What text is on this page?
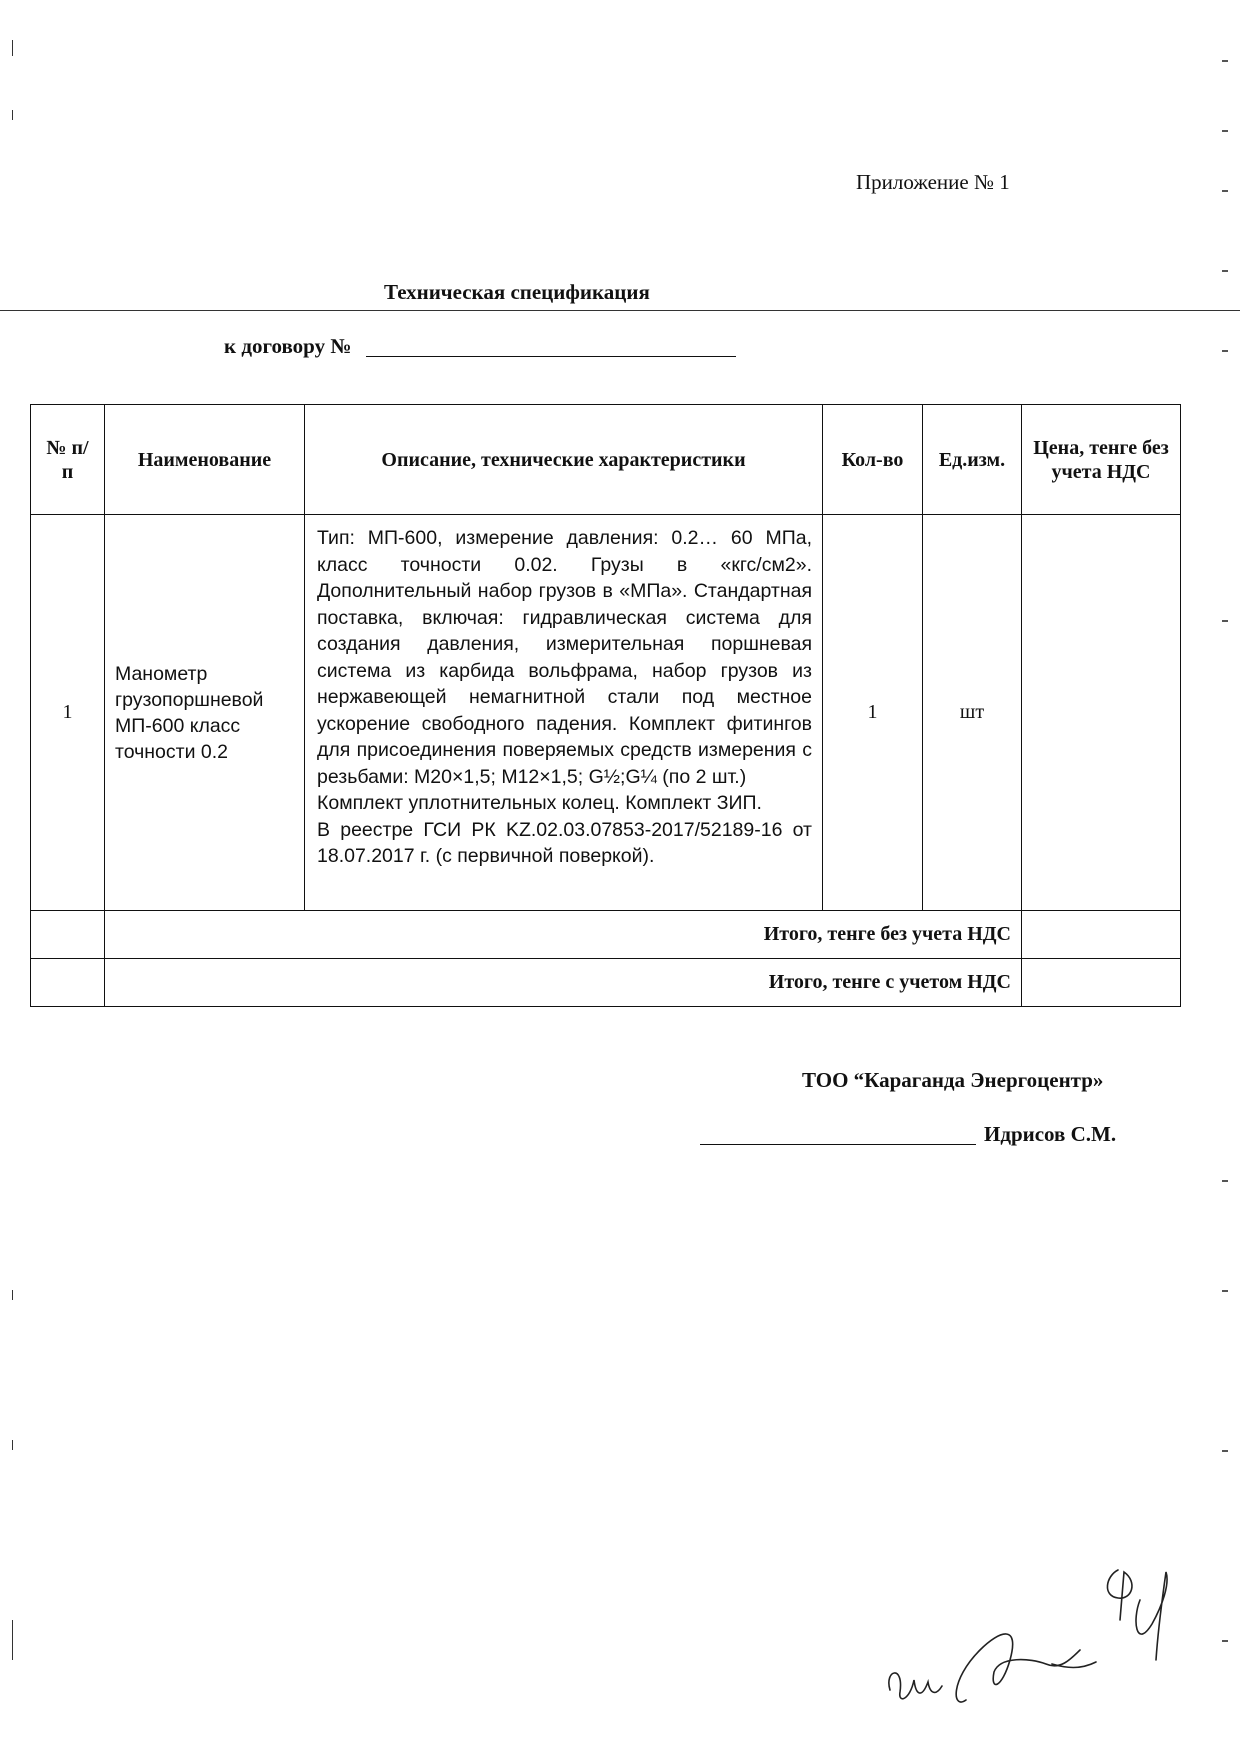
Приложение № 1
Техническая спецификация
к договору №
№ п/п	Наименование	Описание, технические характеристики	Кол-во	Ед.изм.	Цена, тенге без учета НДС
1	Манометр грузопоршневой МП-600 класс точности 0.2	Тип: МП-600, измерение давления: 0.2… 60 МПа, класс точности 0.02. Грузы в «кгс/см2». Дополнительный набор грузов в «МПа». Стандартная поставка, включая: гидравлическая система для создания давления, измерительная поршневая система из карбида вольфрама, набор грузов из нержавеющей немагнитной стали под местное ускорение свободного падения. Комплект фитингов для присоединения поверяемых средств измерения с резьбами: M20×1,5; M12×1,5; G½;G¼ (по 2 шт.)
Комплект уплотнительных колец. Комплект ЗИП.
В реестре ГСИ РК KZ.02.03.07853-2017/52189-16 от 18.07.2017 г. (с первичной поверкой).	1	шт	
	Итого, тенге без учета НДС				
	Итого, тенге с учетом НДС				
ТОО “Караганда Энергоцентр»
Идрисов С.М.
